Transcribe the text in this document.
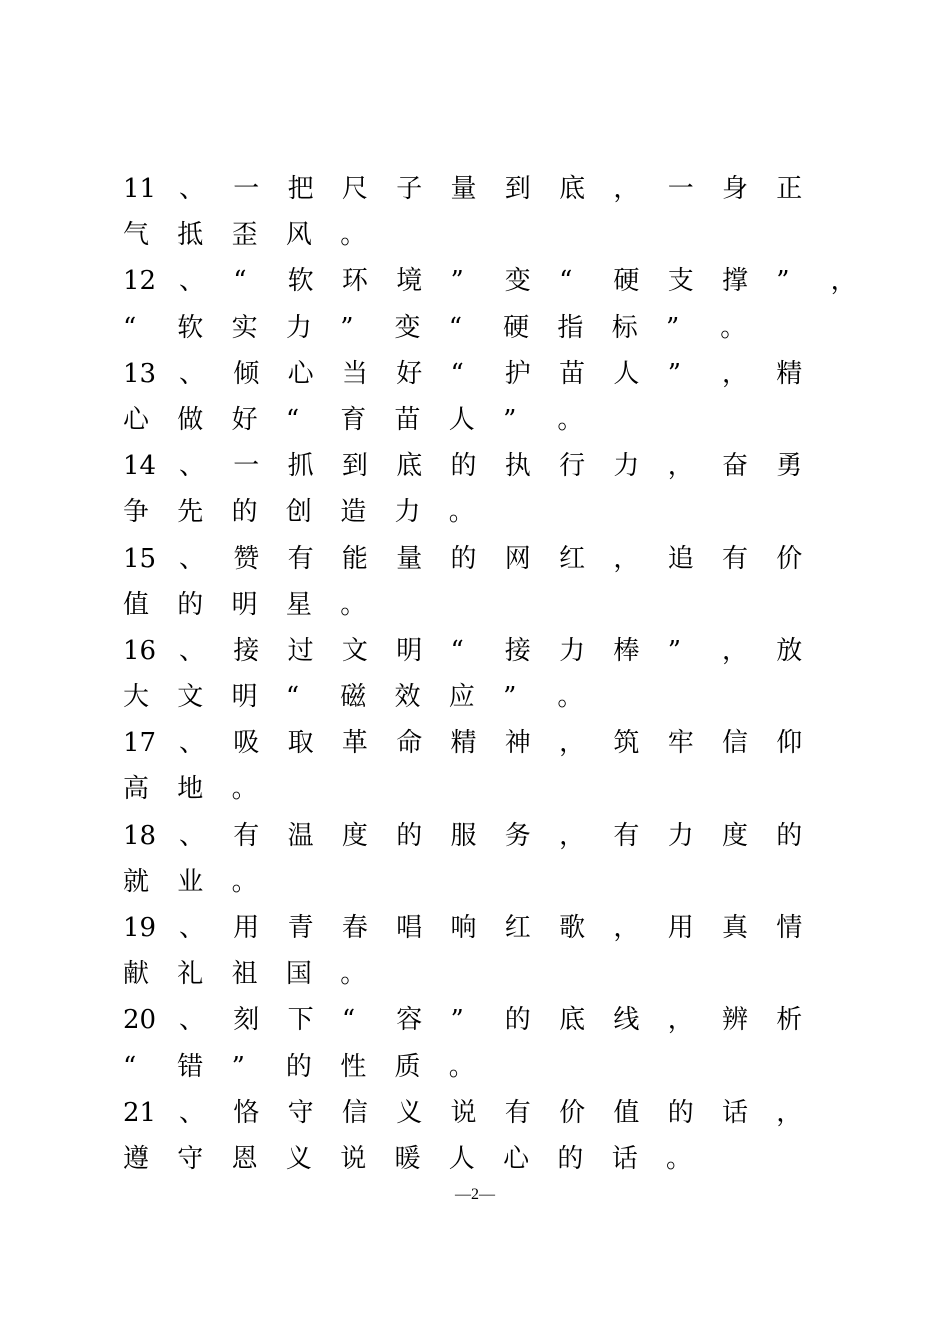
11 、 一 把 尺 子 量 到 底 ， 一 身 正
气 抵 歪 风 。
12 、 “ 软 环 境 ” 变 “ 硬 支 撑 ” ，
“ 软 实 力 ” 变 “ 硬 指 标 ” 。
13 、 倾 心 当 好 “ 护 苗 人 ” ， 精
心 做 好 “ 育 苗 人 ” 。
14 、 一 抓 到 底 的 执 行 力 ， 奋 勇
争 先 的 创 造 力 。
15 、 赞 有 能 量 的 网 红 ， 追 有 价
值 的 明 星 。
16 、 接 过 文 明 “ 接 力 棒 ” ， 放
大 文 明 “ 磁 效 应 ” 。
17 、 吸 取 革 命 精 神 ， 筑 牢 信 仰
高 地 。
18 、 有 温 度 的 服 务 ， 有 力 度 的
就 业 。
19 、 用 青 春 唱 响 红 歌 ， 用 真 情
献 礼 祖 国 。
20 、 刻 下 “ 容 ” 的 底 线 ， 辨 析
“ 错 ” 的 性 质 。
21 、 恪 守 信 义 说 有 价 值 的 话 ，
遵 守 恩 义 说 暖 人 心 的 话 。
—2—
